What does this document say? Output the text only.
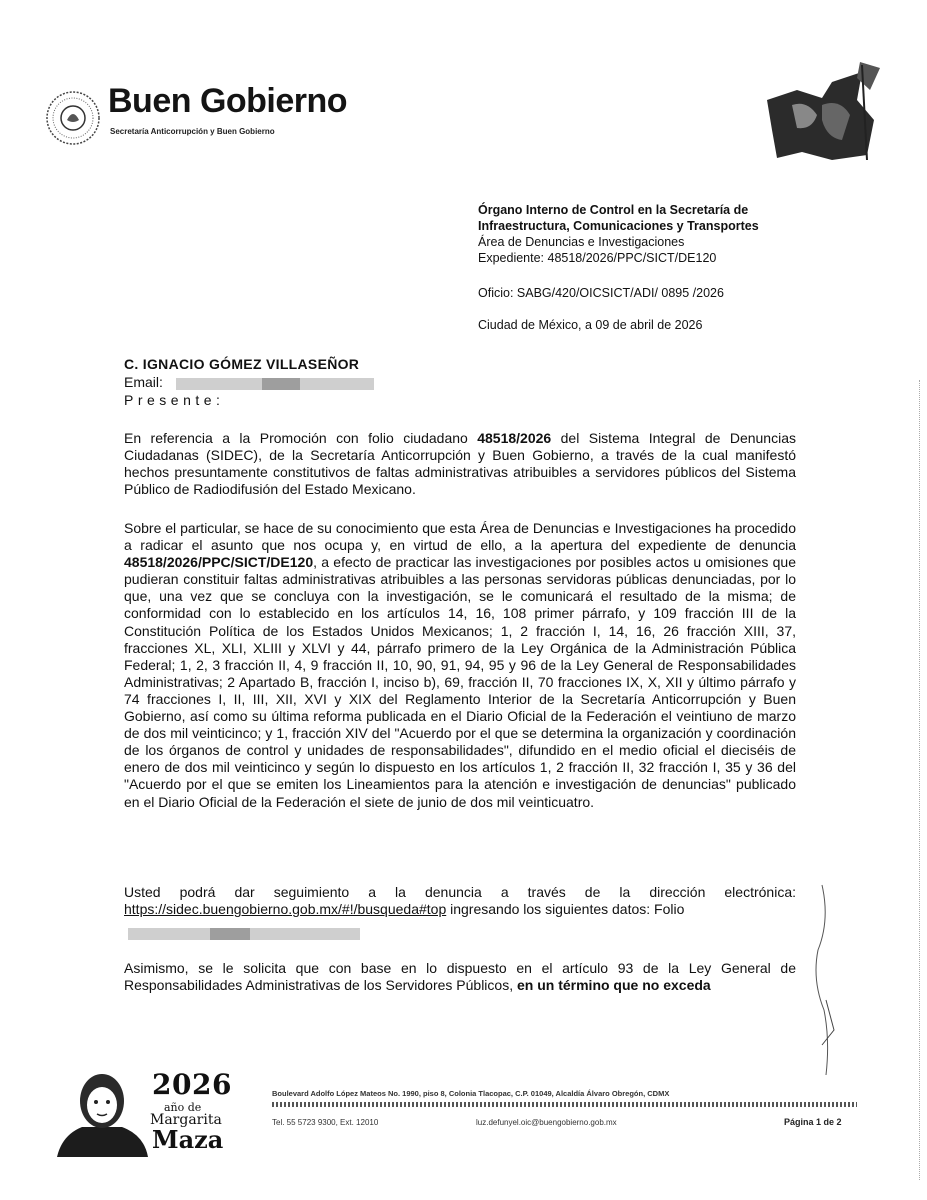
Buen Gobierno
Secretaría Anticorrupción y Buen Gobierno
Órgano Interno de Control en la Secretaría de
Infraestructura, Comunicaciones y Transportes
Área de Denuncias e Investigaciones
Expediente: 48518/2026/PPC/SICT/DE120
Oficio: SABG/420/OICSICT/ADI/ 0895 /2026
Ciudad de México, a 09 de abril de 2026
C. IGNACIO GÓMEZ VILLASEÑOR
Email:
Presente:
En referencia a la Promoción con folio ciudadano 48518/2026 del Sistema Integral de Denuncias Ciudadanas (SIDEC), de la Secretaría Anticorrupción y Buen Gobierno, a través de la cual manifestó hechos presuntamente constitutivos de faltas administrativas atribuibles a servidores públicos del Sistema Público de Radiodifusión del Estado Mexicano.
Sobre el particular, se hace de su conocimiento que esta Área de Denuncias e Investigaciones ha procedido a radicar el asunto que nos ocupa y, en virtud de ello, a la apertura del expediente de denuncia 48518/2026/PPC/SICT/DE120, a efecto de practicar las investigaciones por posibles actos u omisiones que pudieran constituir faltas administrativas atribuibles a las personas servidoras públicas denunciadas, por lo que, una vez que se concluya con la investigación, se le comunicará el resultado de la misma; de conformidad con lo establecido en los artículos 14, 16, 108 primer párrafo, y 109 fracción III de la Constitución Política de los Estados Unidos Mexicanos; 1, 2 fracción I, 14, 16, 26 fracción XIII, 37, fracciones XL, XLI, XLIII y XLVI y 44, párrafo primero de la Ley Orgánica de la Administración Pública Federal; 1, 2, 3 fracción II, 4, 9 fracción II, 10, 90, 91, 94, 95 y 96 de la Ley General de Responsabilidades Administrativas; 2 Apartado B, fracción I, inciso b), 69, fracción II, 70 fracciones IX, X, XII y último párrafo y 74 fracciones I, II, III, XII, XVI y XIX del Reglamento Interior de la Secretaría Anticorrupción y Buen Gobierno, así como su última reforma publicada en el Diario Oficial de la Federación el veintiuno de marzo de dos mil veinticinco; y 1, fracción XIV del "Acuerdo por el que se determina la organización y coordinación de los órganos de control y unidades de responsabilidades", difundido en el medio oficial el dieciséis de enero de dos mil veinticinco y según lo dispuesto en los artículos 1, 2 fracción II, 32 fracción I, 35 y 36 del "Acuerdo por el que se emiten los Lineamientos para la atención e investigación de denuncias" publicado en el Diario Oficial de la Federación el siete de junio de dos mil veinticuatro.
Usted podrá dar seguimiento a la denuncia a través de la dirección electrónica: https://sidec.buengobierno.gob.mx/#!/busqueda#top ingresando los siguientes datos: Folio
Asimismo, se le solicita que con base en lo dispuesto en el artículo 93 de la Ley General de Responsabilidades Administrativas de los Servidores Públicos, en un término que no exceda
2026
año de
Margarita
Maza
Boulevard Adolfo López Mateos No. 1990, piso 8, Colonia Tlacopac, C.P. 01049, Alcaldía Álvaro Obregón, CDMX
Tel. 55 5723 9300, Ext. 12010	luz.defunyel.oic@buengobierno.gob.mx	Página 1 de 2
